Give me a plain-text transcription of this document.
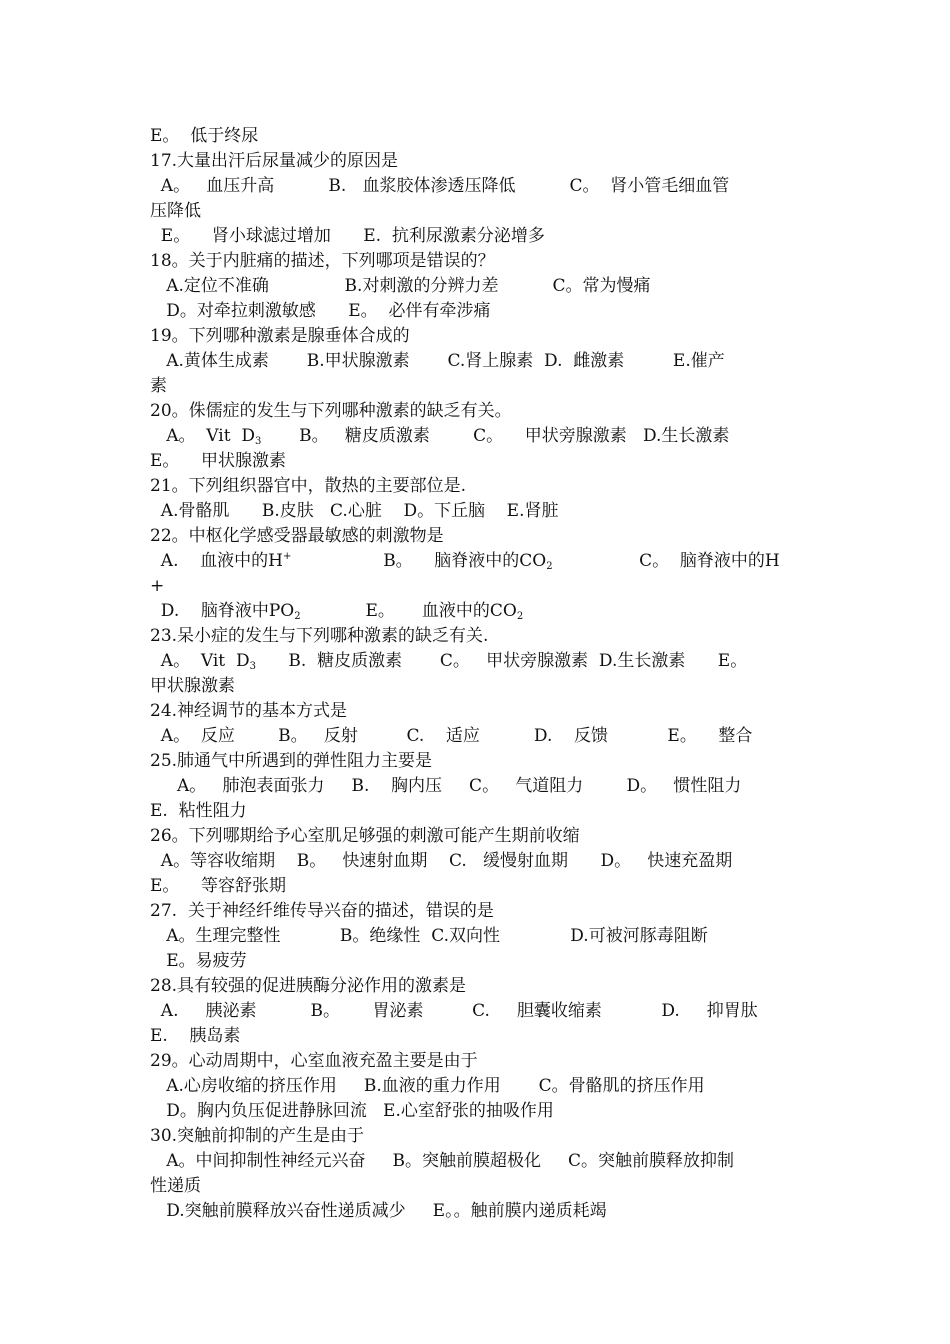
E。  低于终尿
17.大量出汗后尿量减少的原因是
A。   血压升高          B.   血浆胶体渗透压降低          C。  肾小管毛细血管
压降低
E。    肾小球滤过增加      E.  抗利尿激素分泌增多
18。关于内脏痛的描述，下列哪项是错误的？
A.定位不准确              B.对刺激的分辨力差          C。常为慢痛
D。对牵拉刺激敏感      E。  必伴有牵涉痛
19。下列哪种激素是腺垂体合成的
A.黄体生成素       B.甲状腺激素       C.肾上腺素  D.  雌激素         E.催产
素
20。侏儒症的发生与下列哪种激素的缺乏有关。
A。  Vit  $D_3$       B。   糖皮质激素        C。    甲状旁腺激素   D.生长激素
E。    甲状腺激素
21。下列组织器官中，散热的主要部位是.
A.骨骼肌      B.皮肤   C.心脏    D。下丘脑    E.肾脏
22。中枢化学感受器最敏感的刺激物是
A.    血液中的H+                 B。    脑脊液中的$CO_2$                C。  脑脊液中的H
+
D.    脑脊液中$PO_2$            E。     血液中的$CO_2$
23.呆小症的发生与下列哪种激素的缺乏有关.
A。  Vit  $D_3$      B.  糖皮质激素       C。   甲状旁腺激素  D.生长激素      E。
甲状腺激素
24.神经调节的基本方式是
A。  反应        B。   反射         C.    适应          D.    反馈           E。    整合
25.肺通气中所遇到的弹性阻力主要是
A。   肺泡表面张力     B.    胸内压     C。   气道阻力        D。   惯性阻力
E.  粘性阻力
26。下列哪期给予心室肌足够强的刺激可能产生期前收缩
A。等容收缩期    B。   快速射血期    C.   缓慢射血期      D。   快速充盈期
E。    等容舒张期
27.  关于神经纤维传导兴奋的描述，错误的是
A。生理完整性           B。绝缘性  C.双向性             D.可被河豚毒阻断
E。易疲劳
A.     胰泌素          B。      胃泌素         C.     胆囊收缩素           D.     抑胃肽
28.具有较强的促进胰酶分泌作用的激素是
E.    胰岛素
29。心动周期中，心室血液充盈主要是由于
A.心房收缩的挤压作用     B.血液的重力作用       C。骨骼肌的挤压作用
D。胸内负压促进静脉回流   E.心室舒张的抽吸作用
30.突触前抑制的产生是由于
A。中间抑制性神经元兴奋     B。突触前膜超极化     C。突触前膜释放抑制
性递质
D.突触前膜释放兴奋性递质减少     E。。触前膜内递质耗竭
